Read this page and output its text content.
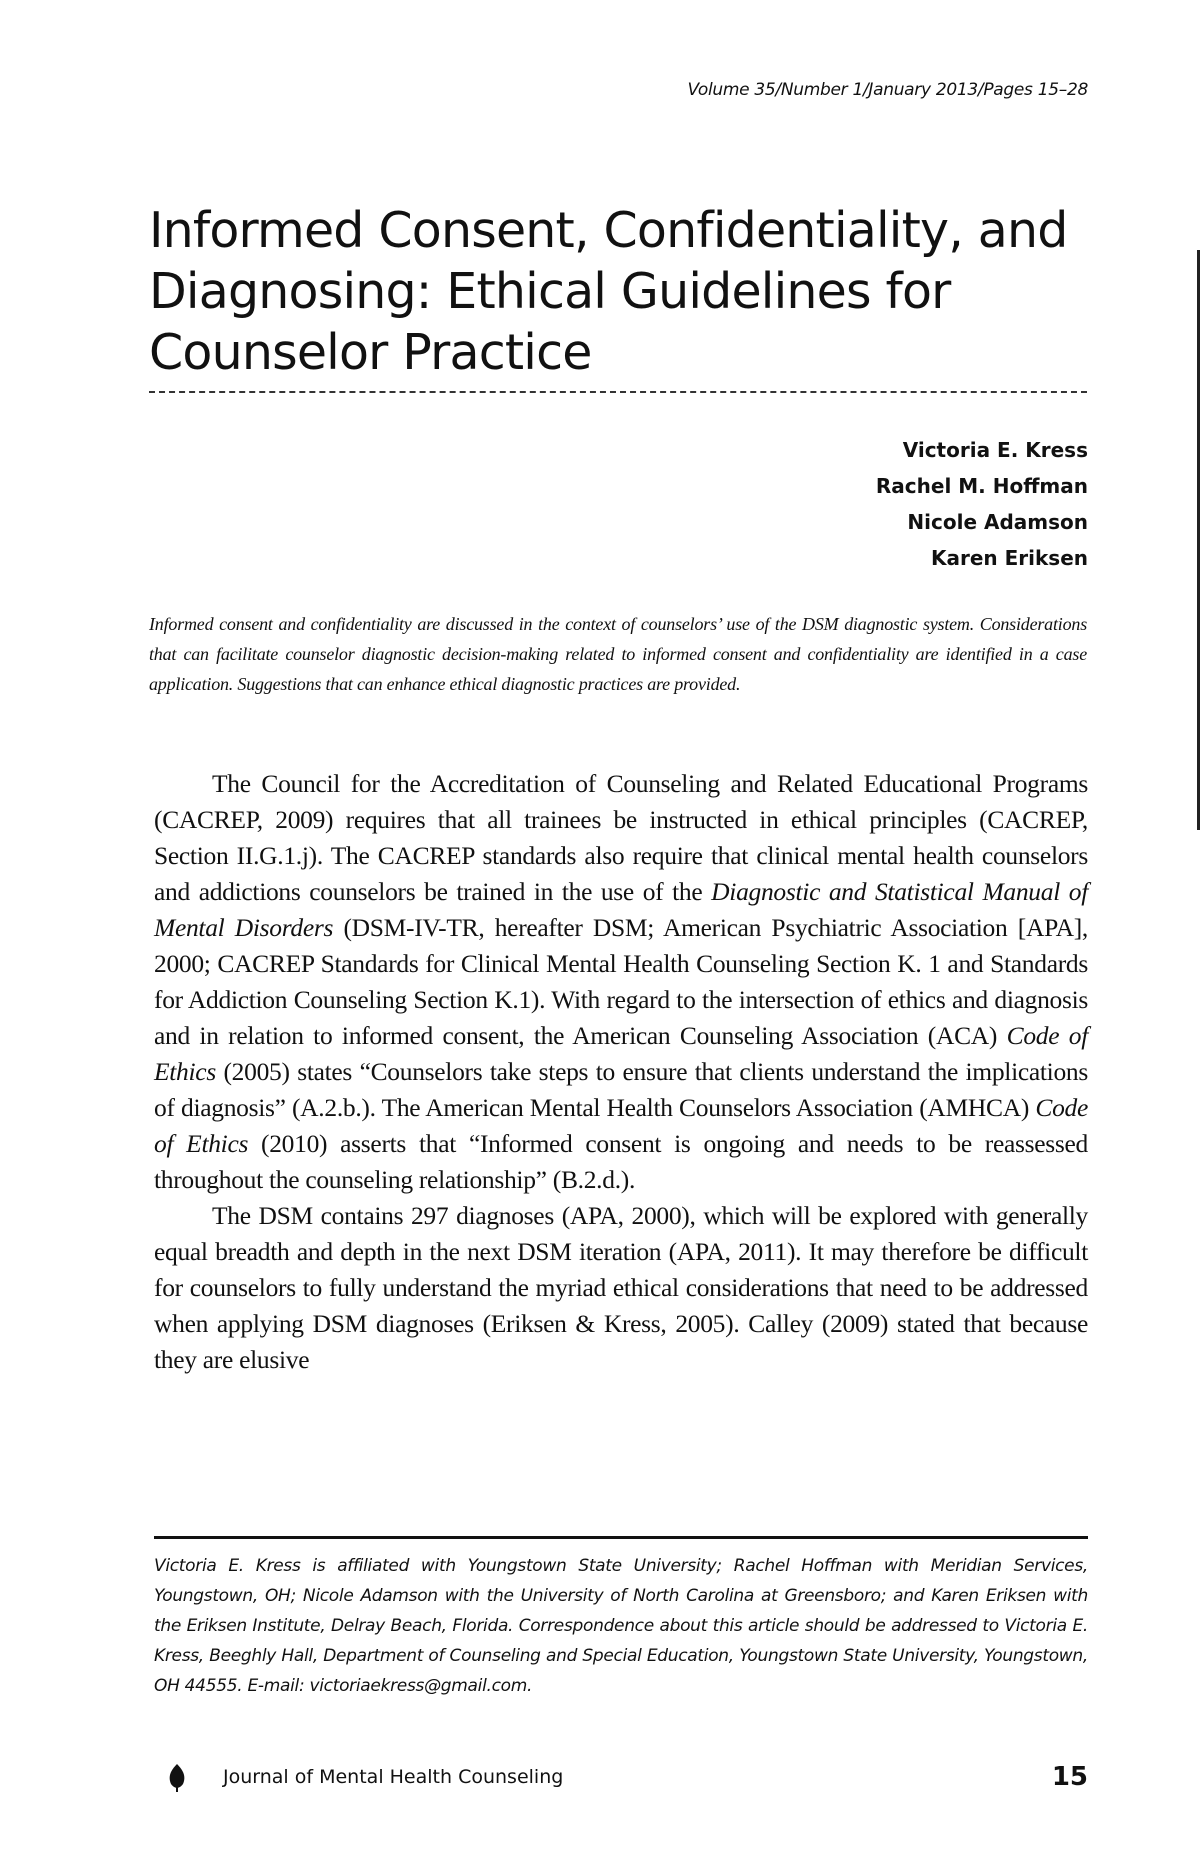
Volume 35/Number 1/January 2013/Pages 15–28
Informed Consent, Confidentiality, and
Diagnosing: Ethical Guidelines for
Counselor Practice
Victoria E. Kress
Rachel M. Hoffman
Nicole Adamson
Karen Eriksen
Informed consent and confidentiality are discussed in the context of counselors’ use of the DSM diagnostic system. Considerations that can facilitate counselor diagnostic decision-making related to informed consent and confidentiality are identified in a case application. Suggestions that can enhance ethical diagnostic practices are provided.

The Council for the Accreditation of Counseling and Related Educational Programs (CACREP, 2009) requires that all trainees be instructed in ethical principles (CACREP, Section II.G.1.j). The CACREP standards also require that clinical mental health counselors and addictions counselors be trained in the use of the Diagnostic and Statistical Manual of Mental Disorders (DSM-IV-TR, hereafter DSM; American Psychiatric Association [APA], 2000; CACREP Standards for Clinical Mental Health Counseling Section K. 1 and Standards for Addiction Counseling Section K.1). With regard to the intersection of ethics and diagnosis and in relation to informed consent, the American Counseling Association (ACA) Code of Ethics (2005) states “Counselors take steps to ensure that clients understand the implications of diagnosis” (A.2.b.). The American Mental Health Counselors Association (AMHCA) Code of Ethics (2010) asserts that “Informed consent is ongoing and needs to be reassessed throughout the counseling relationship” (B.2.d.).

The DSM contains 297 diagnoses (APA, 2000), which will be explored with generally equal breadth and depth in the next DSM iteration (APA, 2011). It may therefore be difficult for counselors to fully understand the myriad ethical considerations that need to be addressed when applying DSM diagnoses (Eriksen & Kress, 2005). Calley (2009) stated that because they are elusive

Victoria E. Kress is affiliated with Youngstown State University; Rachel Hoffman with Meridian Services, Youngstown, OH; Nicole Adamson with the University of North Carolina at Greensboro; and Karen Eriksen with the Eriksen Institute, Delray Beach, Florida. Correspondence about this article should be addressed to Victoria E. Kress, Beeghly Hall, Department of Counseling and Special Education, Youngstown State University, Youngstown, OH 44555. E-mail: victoriaekress@gmail.com.
Journal of Mental Health Counseling	15
